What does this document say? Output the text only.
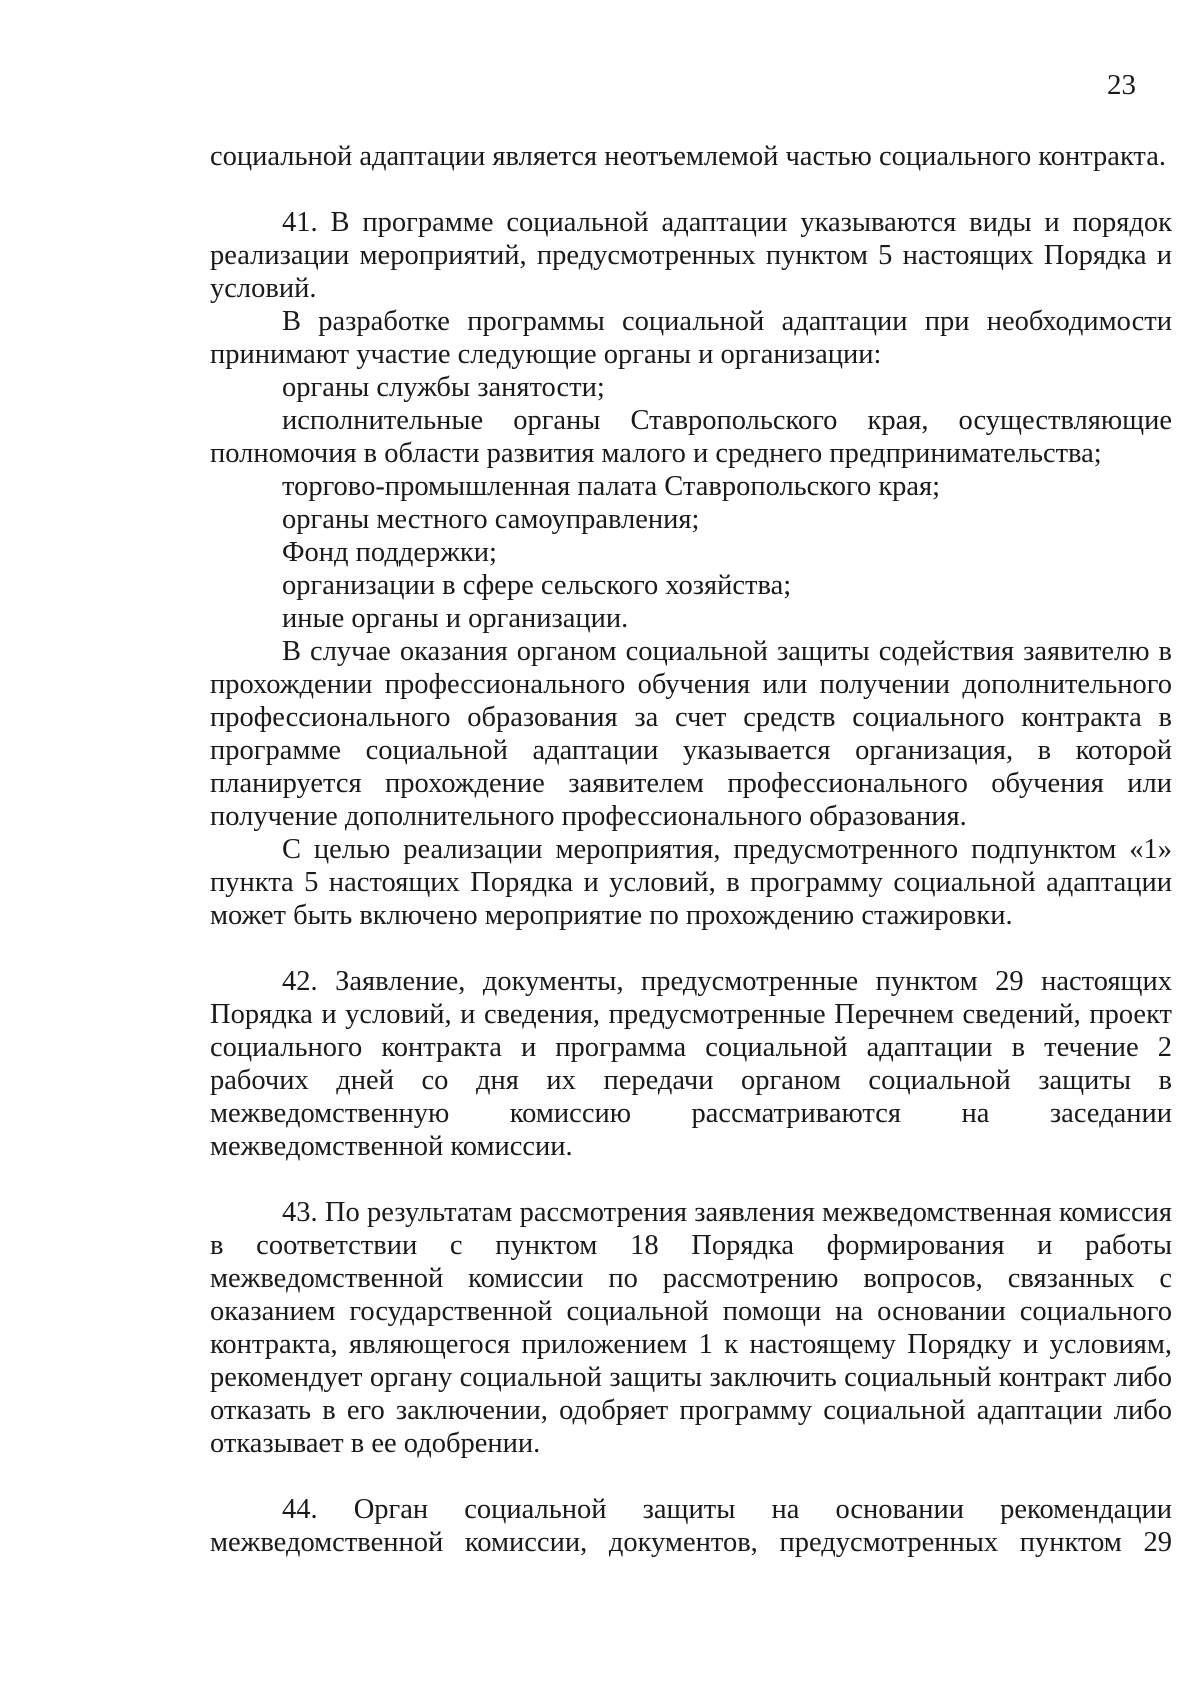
23

социальной адаптации является неотъемлемой частью социального контракта.

41. В программе социальной адаптации указываются виды и порядок реализации мероприятий, предусмотренных пунктом 5 настоящих Порядка и условий.

В разработке программы социальной адаптации при необходимости принимают участие следующие органы и организации:

органы службы занятости;

исполнительные органы Ставропольского края, осуществляющие полномочия в области развития малого и среднего предпринимательства;

торгово-промышленная палата Ставропольского края;

органы местного самоуправления;

Фонд поддержки;

организации в сфере сельского хозяйства;

иные органы и организации.

В случае оказания органом социальной защиты содействия заявителю в прохождении профессионального обучения или получении дополнительного профессионального образования за счет средств социального контракта в программе социальной адаптации указывается организация, в которой планируется прохождение заявителем профессионального обучения или получение дополнительного профессионального образования.

С целью реализации мероприятия, предусмотренного подпунктом «1» пункта 5 настоящих Порядка и условий, в программу социальной адаптации может быть включено мероприятие по прохождению стажировки.

42. Заявление, документы, предусмотренные пунктом 29 настоящих Порядка и условий, и сведения, предусмотренные Перечнем сведений, проект социального контракта и программа социальной адаптации в течение 2 рабочих дней со дня их передачи органом социальной защиты в межведомственную комиссию рассматриваются на заседании межведомственной комиссии.

43. По результатам рассмотрения заявления межведомственная комиссия в соответствии с пунктом 18 Порядка формирования и работы межведомственной комиссии по рассмотрению вопросов, связанных с оказанием государственной социальной помощи на основании социального контракта, являющегося приложением 1 к настоящему Порядку и условиям, рекомендует органу социальной защиты заключить социальный контракт либо отказать в его заключении, одобряет программу социальной адаптации либо отказывает в ее одобрении.

44. Орган социальной защиты на основании рекомендации межведомственной комиссии, документов, предусмотренных пунктом 29
